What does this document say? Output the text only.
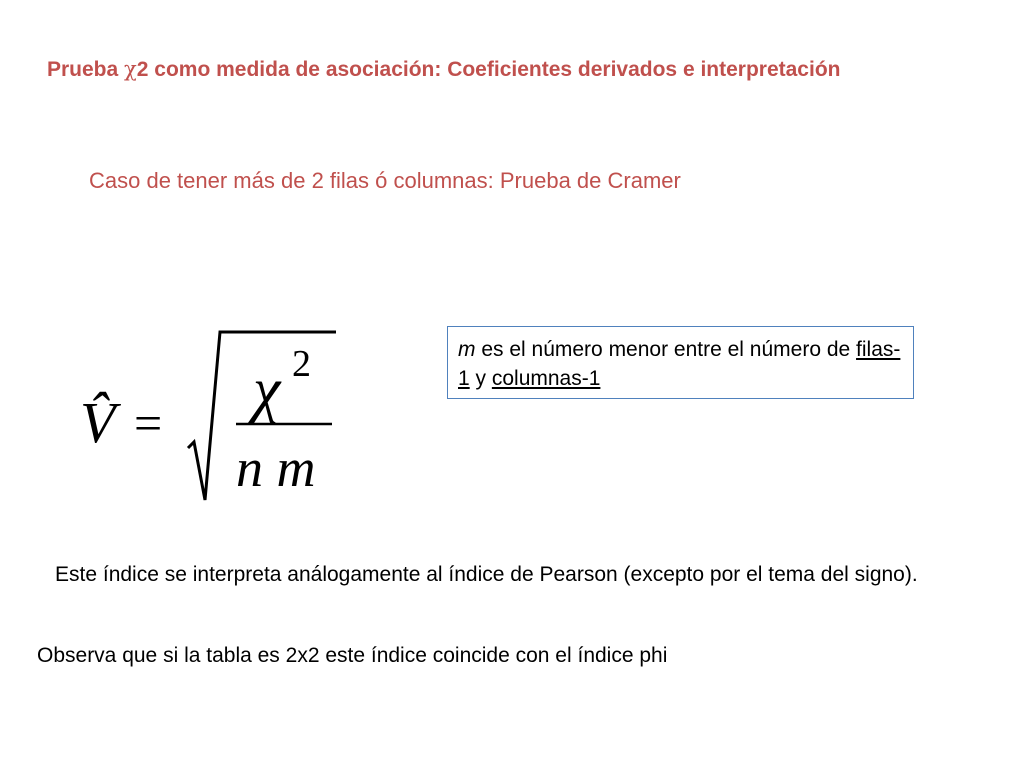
Prueba χ2 como medida de asociación: Coeficientes derivados e interpretación
Caso de tener más de 2 filas ó columnas: Prueba de Cramer
V̂ = χ 2
n m
m es el número menor entre el número de filas-1 y columnas-1
Este índice se interpreta análogamente al índice de Pearson (excepto por el tema del signo).
Observa que si la tabla es 2x2 este índice coincide con el índice phi
